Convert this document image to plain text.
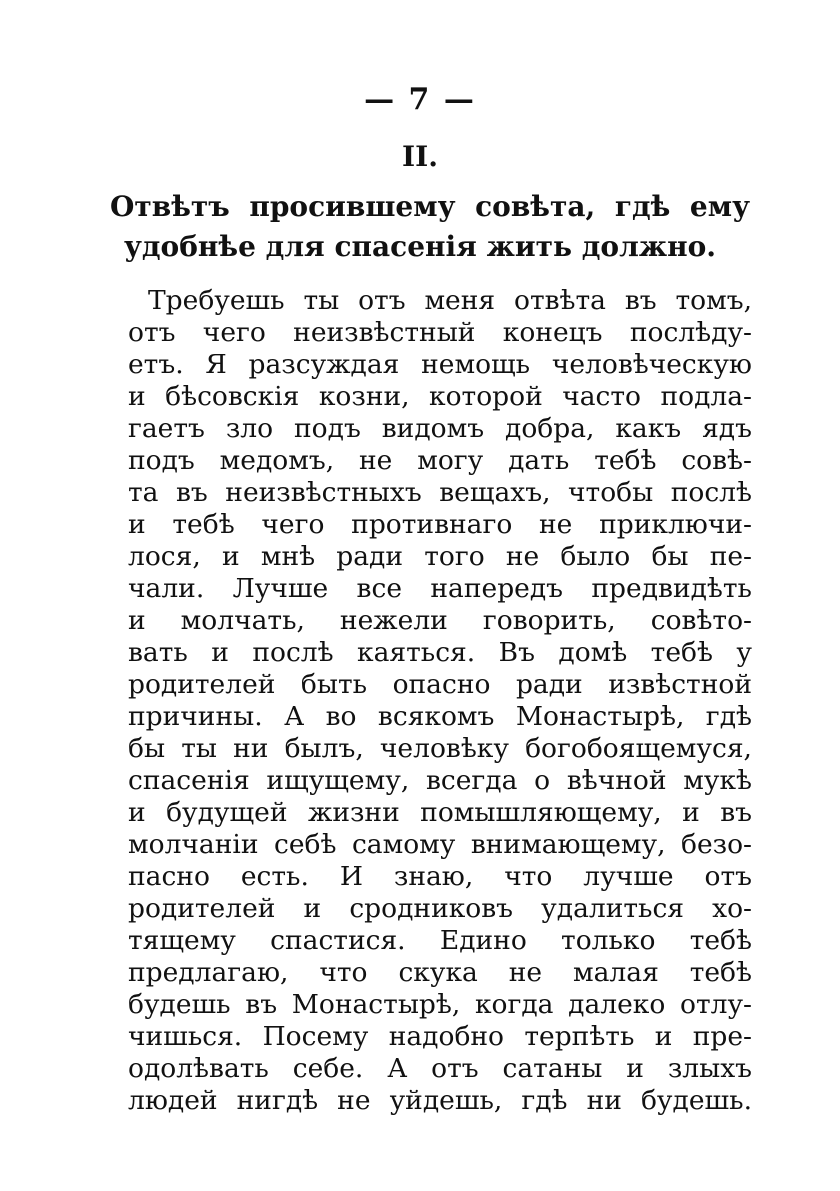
— 7 —
II.
Отвѣтъ просившему совѣта, гдѣ ему
удобнѣе для спасенія жить должно.
Требуешь ты отъ меня отвѣта въ томъ,
отъ чего неизвѣстный конецъ послѣду-
етъ. Я разсуждая немощь человѣческую
и бѣсовскія козни, которой часто подла-
гаетъ зло подъ видомъ добра, какъ ядъ
подъ медомъ, не могу дать тебѣ совѣ-
та въ неизвѣстныхъ вещахъ, чтобы послѣ
и тебѣ чего противнаго не приключи-
лося, и мнѣ ради того не было бы пе-
чали. Лучше все напередъ предвидѣть
и молчать, нежели говорить, совѣто-
вать и послѣ каяться. Въ домѣ тебѣ у
родителей быть опасно ради извѣстной
причины. А во всякомъ Монастырѣ, гдѣ
бы ты ни былъ, человѣку богобоящемуся,
спасенія ищущему, всегда о вѣчной мукѣ
и будущей жизни помышляющему, и въ
молчаніи себѣ самому внимающему, безо-
пасно есть. И знаю, что лучше отъ
родителей и сродниковъ удалиться хо-
тящему спастися. Едино только тебѣ
предлагаю, что скука не малая тебѣ
будешь въ Монастырѣ, когда далеко отлу-
чишься. Посему надобно терпѣть и пре-
одолѣвать себе. А отъ сатаны и злыхъ
людей нигдѣ не уйдешь, гдѣ ни будешь.
